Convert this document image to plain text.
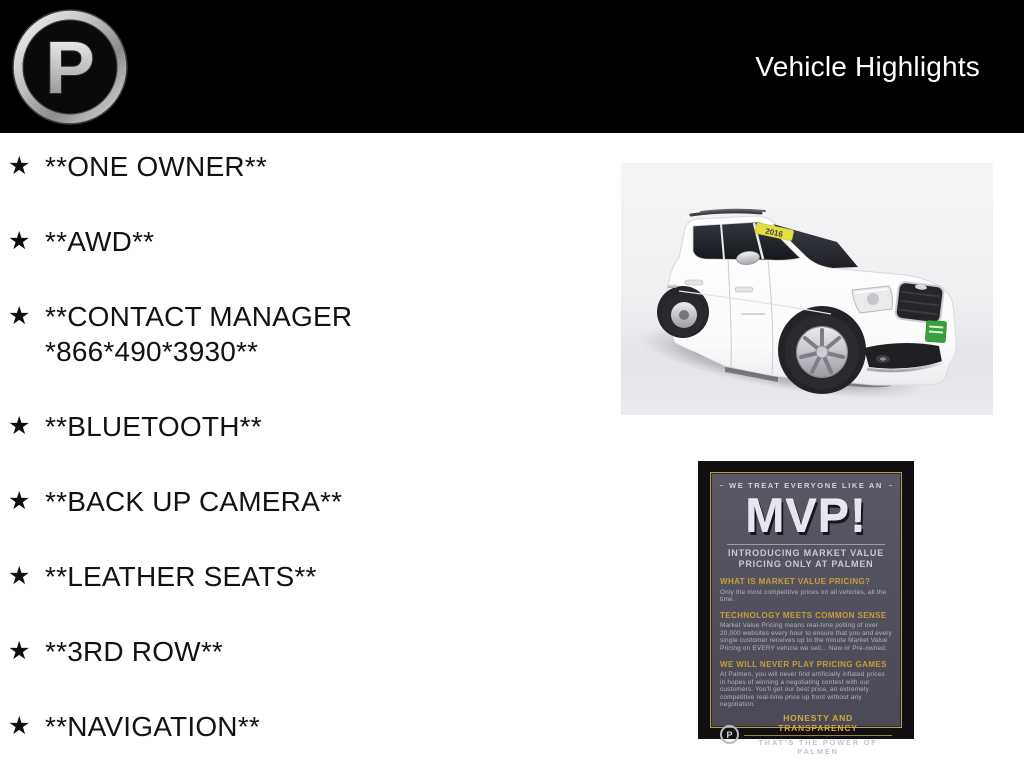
P	Vehicle Highlights
★ **ONE OWNER**
★ **AWD**
★ **CONTACT MANAGER *866*490*3930**
★ **BLUETOOTH**
★ **BACK UP CAMERA**
★ **LEATHER SEATS**
★ **3RD ROW**
★ **NAVIGATION**
2016
WE TREAT EVERYONE LIKE AN
MVP!
INTRODUCING MARKET VALUE PRICING ONLY AT PALMEN
WHAT IS MARKET VALUE PRICING?
Only the most competitive prices on all vehicles, all the time.
TECHNOLOGY MEETS COMMON SENSE
Market Value Pricing means real-time polling of over 20,000 websites every hour to ensure that you and every single customer receives up to the minute Market Value Pricing on EVERY vehicle we sell... New or Pre-owned.
WE WILL NEVER PLAY PRICING GAMES
At Palmen, you will never find artificially inflated prices in hopes of winning a negotiating contest with our customers. You'll get our best price, an extremely competitive real-time price up front without any negotiation.
P
HONESTY AND TRANSPARENCY
THAT'S THE POWER OF PALMEN
